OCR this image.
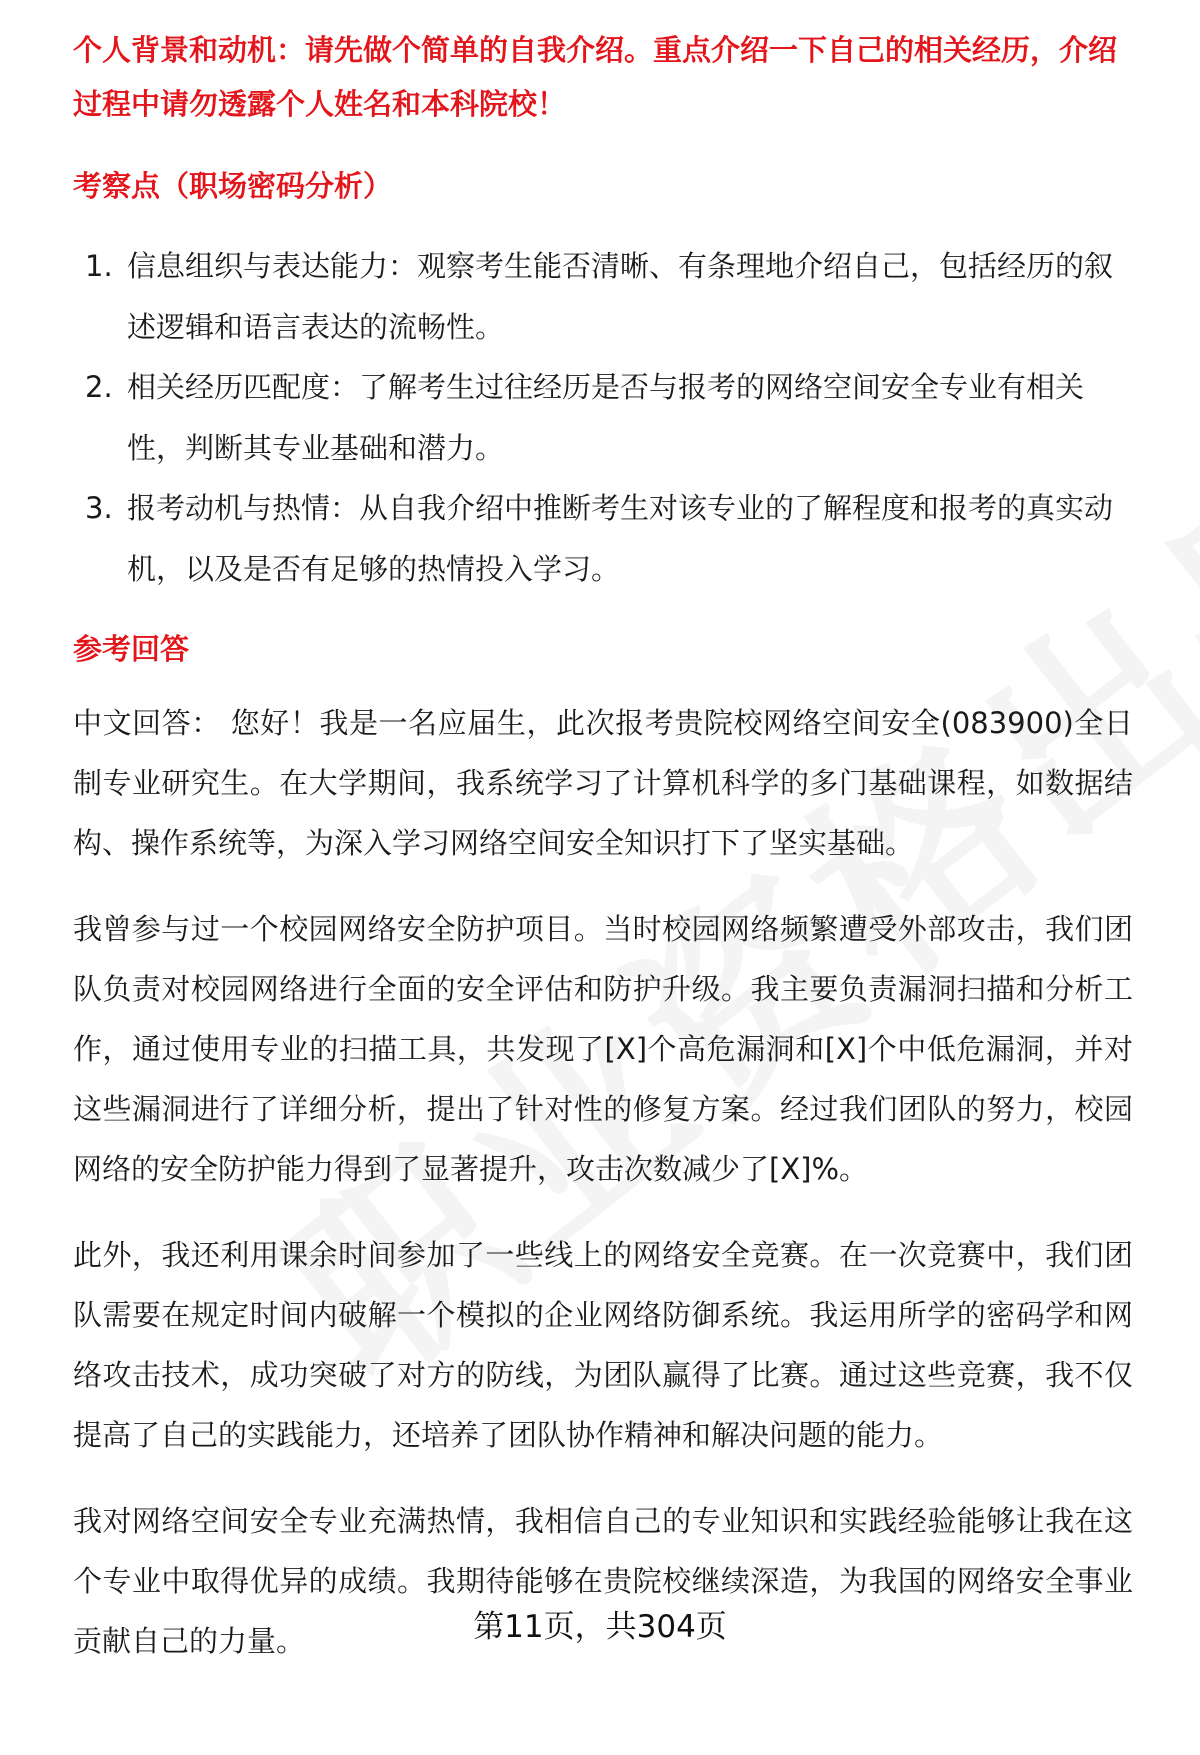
个人背景和动机：请先做个简单的自我介绍。重点介绍一下自己的相关经历，介绍

过程中请勿透露个人姓名和本科院校！

考察点（职场密码分析）

1. 信息组织与表达能力：观察考生能否清晰、有条理地介绍自己，包括经历的叙述逻辑和语言表达的流畅性。
2. 相关经历匹配度：了解考生过往经历是否与报考的网络空间安全专业有相关性，判断其专业基础和潜力。
3. 报考动机与热情：从自我介绍中推断考生对该专业的了解程度和报考的真实动机，以及是否有足够的热情投入学习。

参考回答

中文回答： 您好！我是一名应届生，此次报考贵院校网络空间安全(083900)全日制专业研究生。在大学期间，我系统学习了计算机科学的多门基础课程，如数据结构、操作系统等，为深入学习网络空间安全知识打下了坚实基础。

我曾参与过一个校园网络安全防护项目。当时校园网络频繁遭受外部攻击，我们团队负责对校园网络进行全面的安全评估和防护升级。我主要负责漏洞扫描和分析工作，通过使用专业的扫描工具，共发现了[X]个高危漏洞和[X]个中低危漏洞，并对这些漏洞进行了详细分析，提出了针对性的修复方案。经过我们团队的努力，校园网络的安全防护能力得到了显著提升，攻击次数减少了[X]%。

此外，我还利用课余时间参加了一些线上的网络安全竞赛。在一次竞赛中，我们团队需要在规定时间内破解一个模拟的企业网络防御系统。我运用所学的密码学和网络攻击技术，成功突破了对方的防线，为团队赢得了比赛。通过这些竞赛，我不仅提高了自己的实践能力，还培养了团队协作精神和解决问题的能力。

我对网络空间安全专业充满热情，我相信自己的专业知识和实践经验能够让我在这个专业中取得优异的成绩。我期待能够在贵院校继续深造，为我国的网络安全事业贡献自己的力量。	第11页，共304页
